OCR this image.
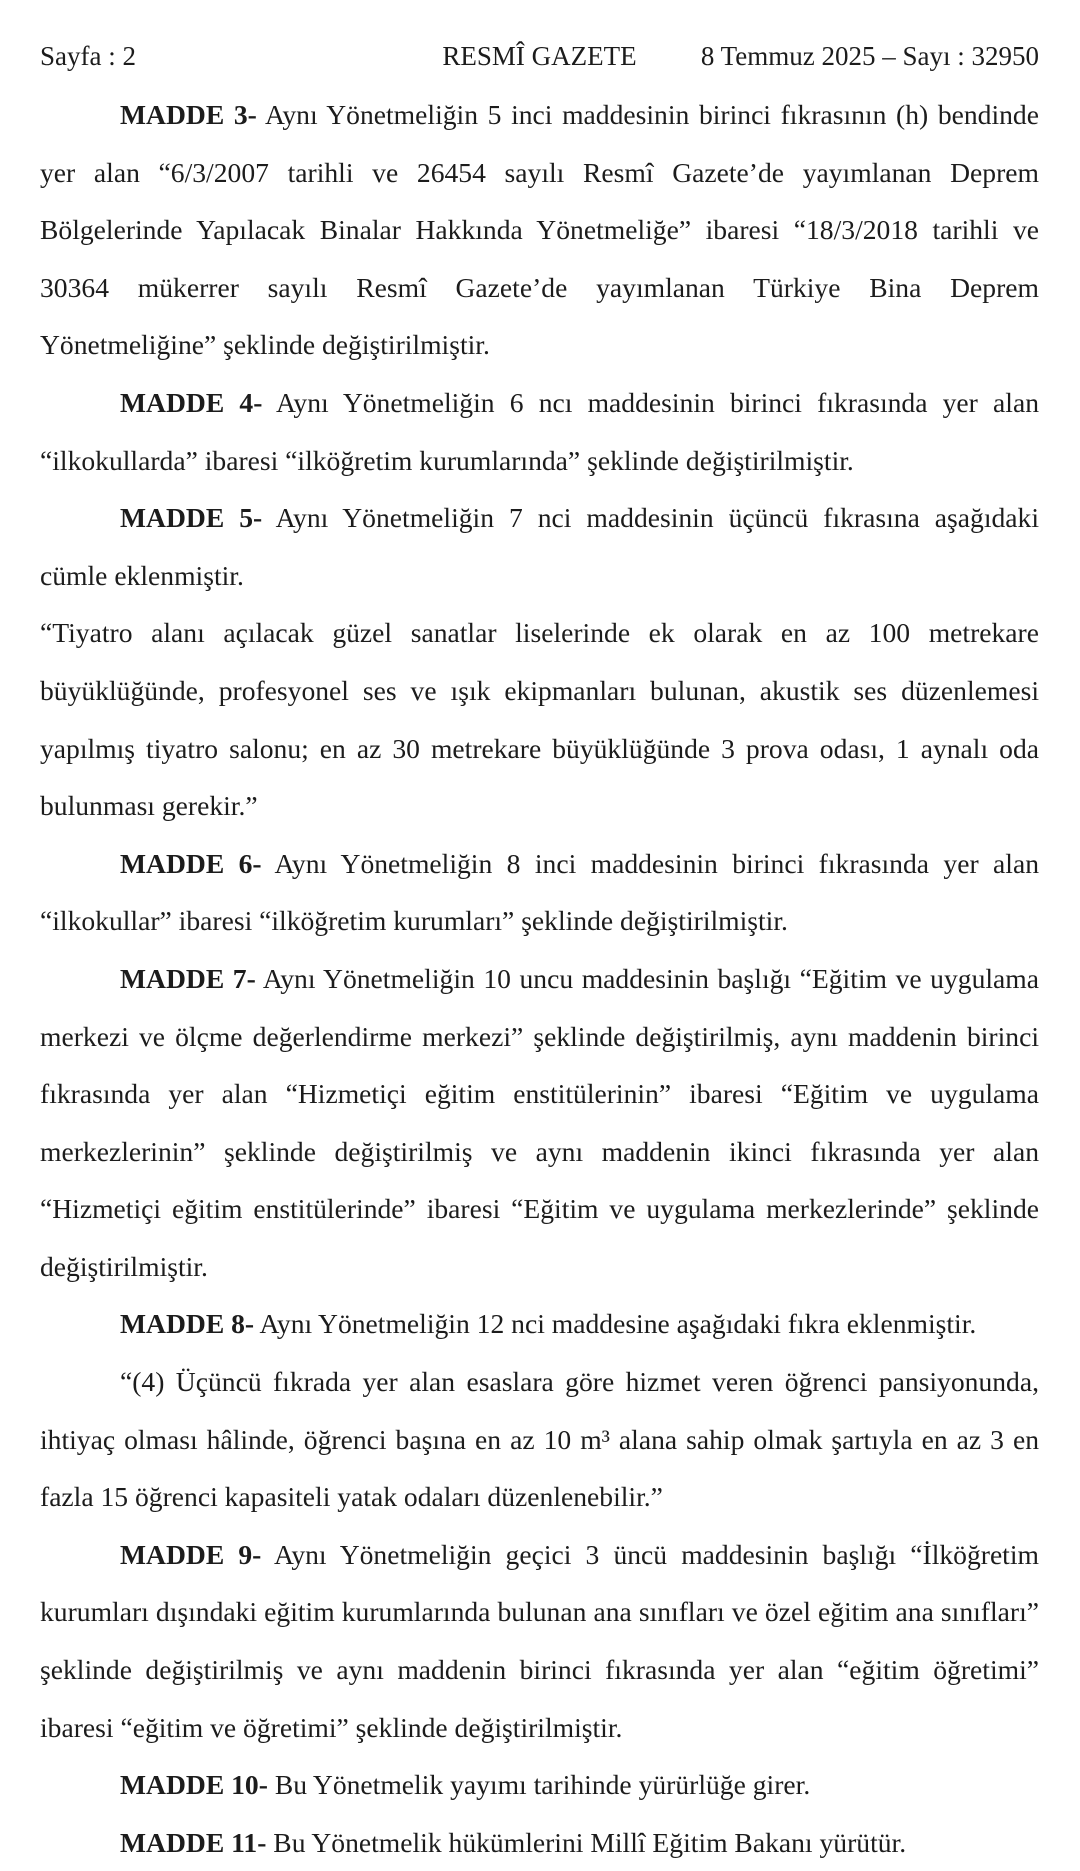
Sayfa : 2	RESMÎ GAZETE	8 Temmuz 2025 – Sayı : 32950

MADDE 3- Aynı Yönetmeliğin 5 inci maddesinin birinci fıkrasının (h) bendinde yer alan “6/3/2007 tarihli ve 26454 sayılı Resmî Gazete’de yayımlanan Deprem Bölgelerinde Yapılacak Binalar Hakkında Yönetmeliğe” ibaresi “18/3/2018 tarihli ve 30364 mükerrer sayılı Resmî Gazete’de yayımlanan Türkiye Bina Deprem Yönetmeliğine” şeklinde değiştirilmiştir.

MADDE 4- Aynı Yönetmeliğin 6 ncı maddesinin birinci fıkrasında yer alan “ilkokullarda” ibaresi “ilköğretim kurumlarında” şeklinde değiştirilmiştir.

MADDE 5- Aynı Yönetmeliğin 7 nci maddesinin üçüncü fıkrasına aşağıdaki cümle eklenmiştir.

“Tiyatro alanı açılacak güzel sanatlar liselerinde ek olarak en az 100 metrekare büyüklüğünde, profesyonel ses ve ışık ekipmanları bulunan, akustik ses düzenlemesi yapılmış tiyatro salonu; en az 30 metrekare büyüklüğünde 3 prova odası, 1 aynalı oda bulunması gerekir.”

MADDE 6- Aynı Yönetmeliğin 8 inci maddesinin birinci fıkrasında yer alan “ilkokullar” ibaresi “ilköğretim kurumları” şeklinde değiştirilmiştir.

MADDE 7- Aynı Yönetmeliğin 10 uncu maddesinin başlığı “Eğitim ve uygulama merkezi ve ölçme değerlendirme merkezi” şeklinde değiştirilmiş, aynı maddenin birinci fıkrasında yer alan “Hizmetiçi eğitim enstitülerinin” ibaresi “Eğitim ve uygulama merkezlerinin” şeklinde değiştirilmiş ve aynı maddenin ikinci fıkrasında yer alan “Hizmetiçi eğitim enstitülerinde” ibaresi “Eğitim ve uygulama merkezlerinde” şeklinde değiştirilmiştir.

MADDE 8- Aynı Yönetmeliğin 12 nci maddesine aşağıdaki fıkra eklenmiştir.

“(4) Üçüncü fıkrada yer alan esaslara göre hizmet veren öğrenci pansiyonunda, ihtiyaç olması hâlinde, öğrenci başına en az 10 m³ alana sahip olmak şartıyla en az 3 en fazla 15 öğrenci kapasiteli yatak odaları düzenlenebilir.”

MADDE 9- Aynı Yönetmeliğin geçici 3 üncü maddesinin başlığı “İlköğretim kurumları dışındaki eğitim kurumlarında bulunan ana sınıfları ve özel eğitim ana sınıfları” şeklinde değiştirilmiş ve aynı maddenin birinci fıkrasında yer alan “eğitim öğretimi” ibaresi “eğitim ve öğretimi” şeklinde değiştirilmiştir.

MADDE 10- Bu Yönetmelik yayımı tarihinde yürürlüğe girer.

MADDE 11- Bu Yönetmelik hükümlerini Millî Eğitim Bakanı yürütür.
